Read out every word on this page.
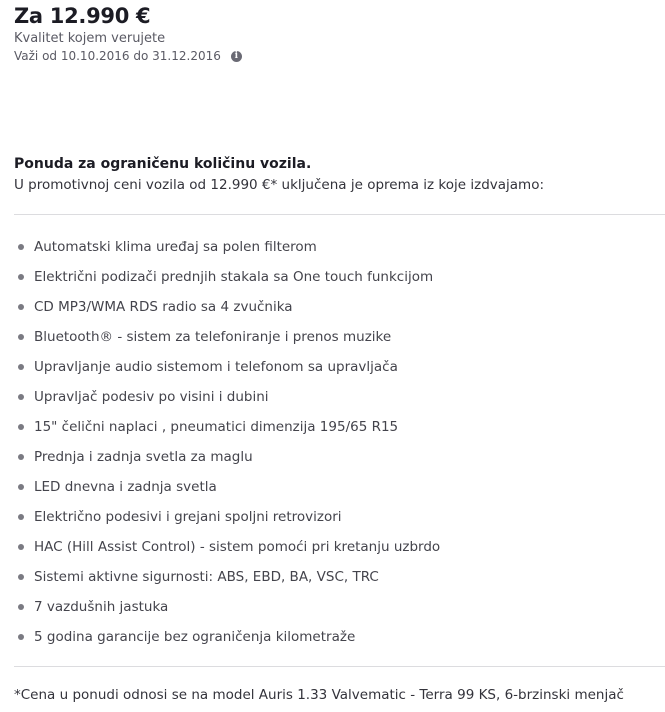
Za 12.990 €
Kvalitet kojem verujete
Važi od 10.10.2016 do 31.12.2016	i
Ponuda za ograničenu količinu vozila.
U promotivnoj ceni vozila od 12.990 €* uključena je oprema iz koje izdvajamo:
Automatski klima uređaj sa polen filterom
Električni podizači prednjih stakala sa One touch funkcijom
CD MP3/WMA RDS radio sa 4 zvučnika
Bluetooth® - sistem za telefoniranje i prenos muzike
Upravljanje audio sistemom i telefonom sa upravljača
Upravljač podesiv po visini i dubini
15" čelični naplaci , pneumatici dimenzija 195/65 R15
Prednja i zadnja svetla za maglu
LED dnevna i zadnja svetla
Električno podesivi i grejani spoljni retrovizori
HAC (Hill Assist Control) - sistem pomoći pri kretanju uzbrdo
Sistemi aktivne sigurnosti: ABS, EBD, BA, VSC, TRC
7 vazdušnih jastuka
5 godina garancije bez ograničenja kilometraže
*Cena u ponudi odnosi se na model Auris 1.33 Valvematic - Terra 99 KS, 6-brzinski menjač
